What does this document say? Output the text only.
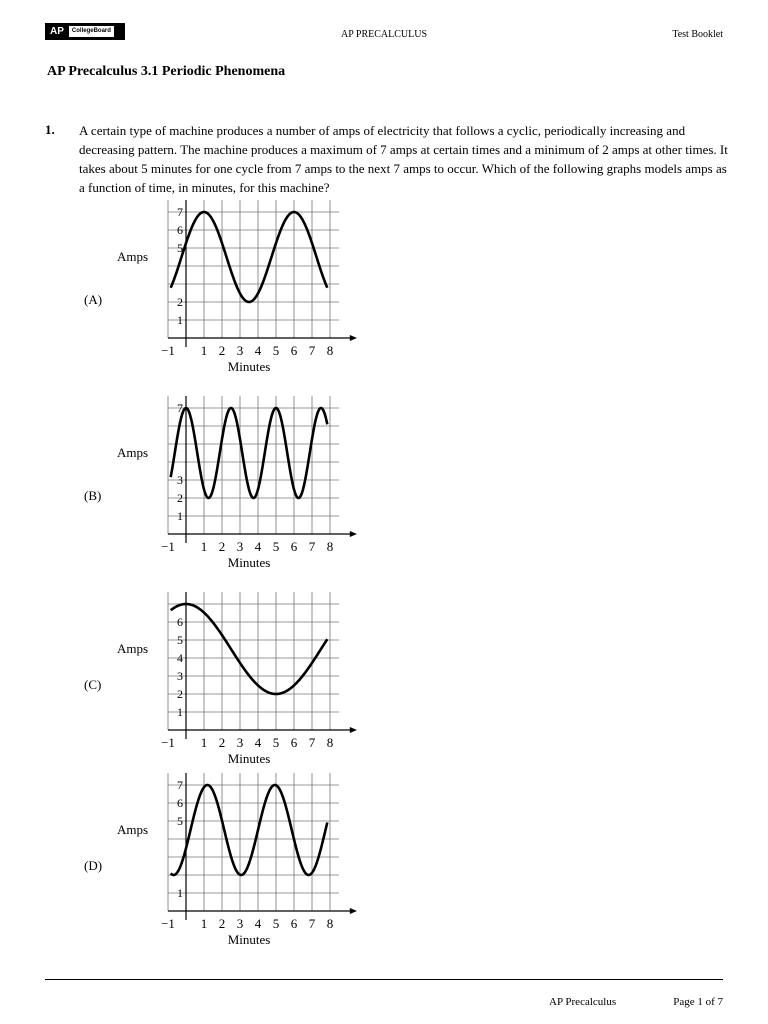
AP	CollegeBoard	AP PRECALCULUS	Test Booklet
AP Precalculus 3.1 Periodic Phenomena
1. A certain type of machine produces a number of amps of electricity that follows a cyclic, periodically increasing and decreasing pattern. The machine produces a maximum of 7 amps at certain times and a minimum of 2 amps at other times. It takes about 5 minutes for one cycle from 7 amps to the next 7 amps to occur. Which of the following graphs models amps as a function of time, in minutes, for this machine?
(A)
(B)
(C)
(D)
7
6
5
2
1
−1 1 2 3 4 5 6 7 8
Amps
Minutes
7
3
2
1
−1 1 2 3 4 5 6 7 8
Amps
Minutes
6
5
4
3
2
1
−1 1 2 3 4 5 6 7 8
Amps
Minutes
7
6
5
1
−1 1 2 3 4 5 6 7 8
Amps
Minutes
AP Precalculus	Page 1 of 7
